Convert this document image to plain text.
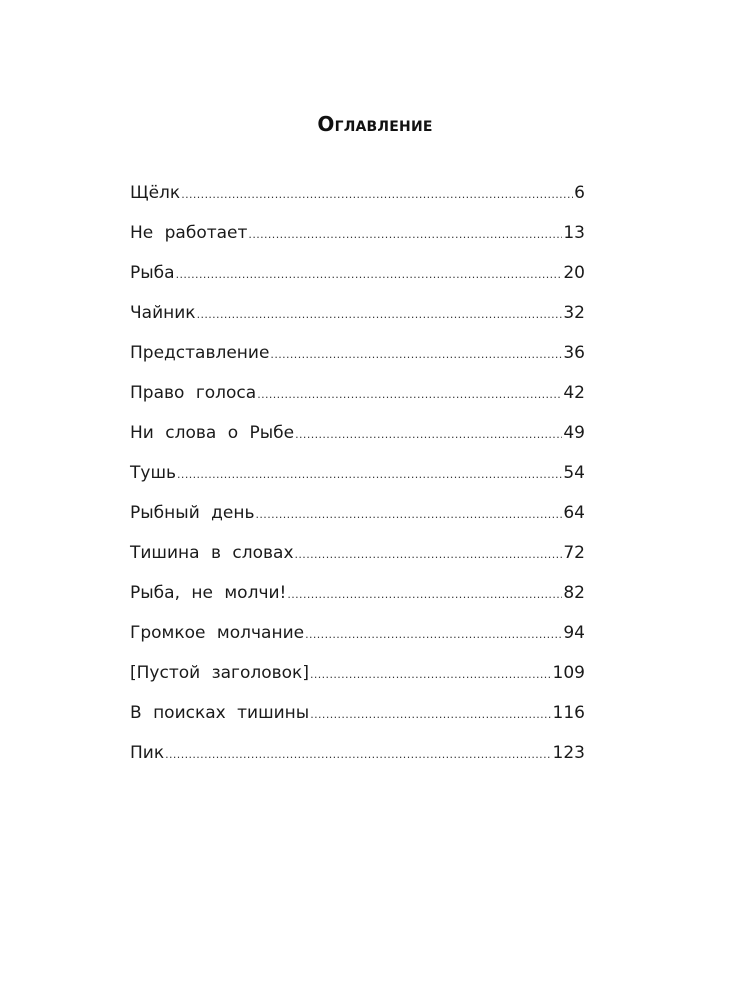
Оглавление
Щёлк .....	6
Не работает .....	13
Рыба .....	20
Чайник .....	32
Представление .....	36
Право голоса .....	42
Ни слова о Рыбе .....	49
Тушь .....	54
Рыбный день .....	64
Тишина в словах .....	72
Рыба, не молчи! .....	82
Громкое молчание .....	94
[Пустой заголовок] .....	109
В поисках тишины .....	116
Пик .....	123
